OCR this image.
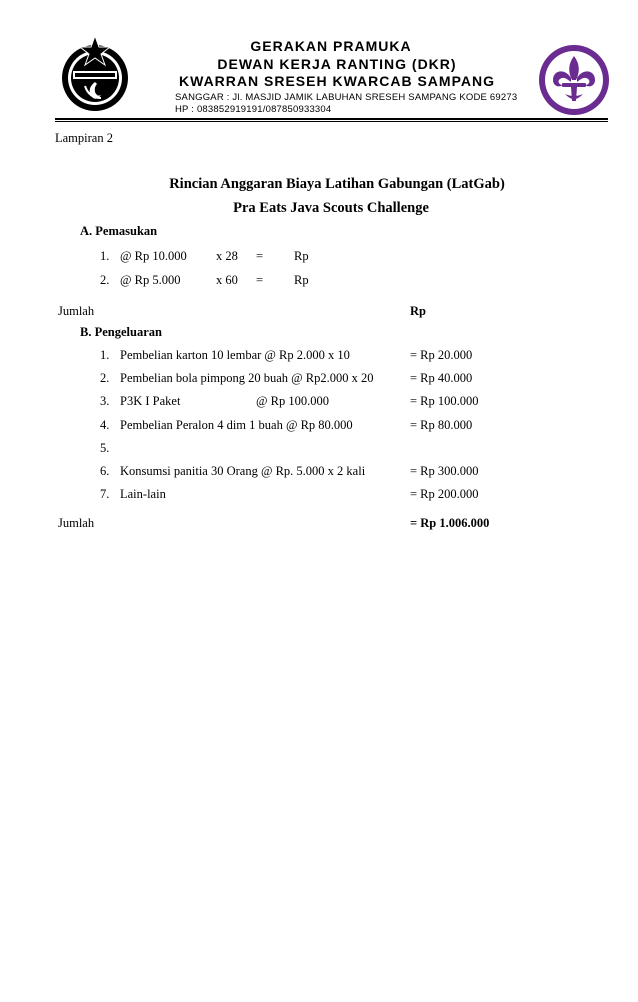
GERAKAN PRAMUKA
DEWAN KERJA RANTING (DKR)
KWARRAN SRESEH KWARCAB SAMPANG
SANGGAR : Jl. MASJID JAMIK LABUHAN SRESEH SAMPANG KODE 69273
HP : 083852919191/087850933304
Lampiran 2
Rincian Anggaran Biaya Latihan Gabungan (LatGab)
Pra Eats Java Scouts Challenge
A. Pemasukan
1. @ Rp 10.000 x 28 = Rp
2. @ Rp 5.000	x 60 = Rp
Jumlah	Rp
B. Pengeluaran
1. Pembelian karton 10 lembar @ Rp 2.000 x 10	= Rp 20.000
2. Pembelian bola pimpong 20 buah @ Rp2.000 x 20	= Rp 40.000
3. P3K I Paket	@ Rp 100.000	= Rp 100.000
4. Pembelian Peralon 4 dim 1 buah @ Rp 80.000	= Rp 80.000
5.
6. Konsumsi panitia 30 Orang @ Rp. 5.000 x 2 kali	= Rp 300.000
7. Lain-lain	= Rp 200.000
Jumlah	= Rp 1.006.000
